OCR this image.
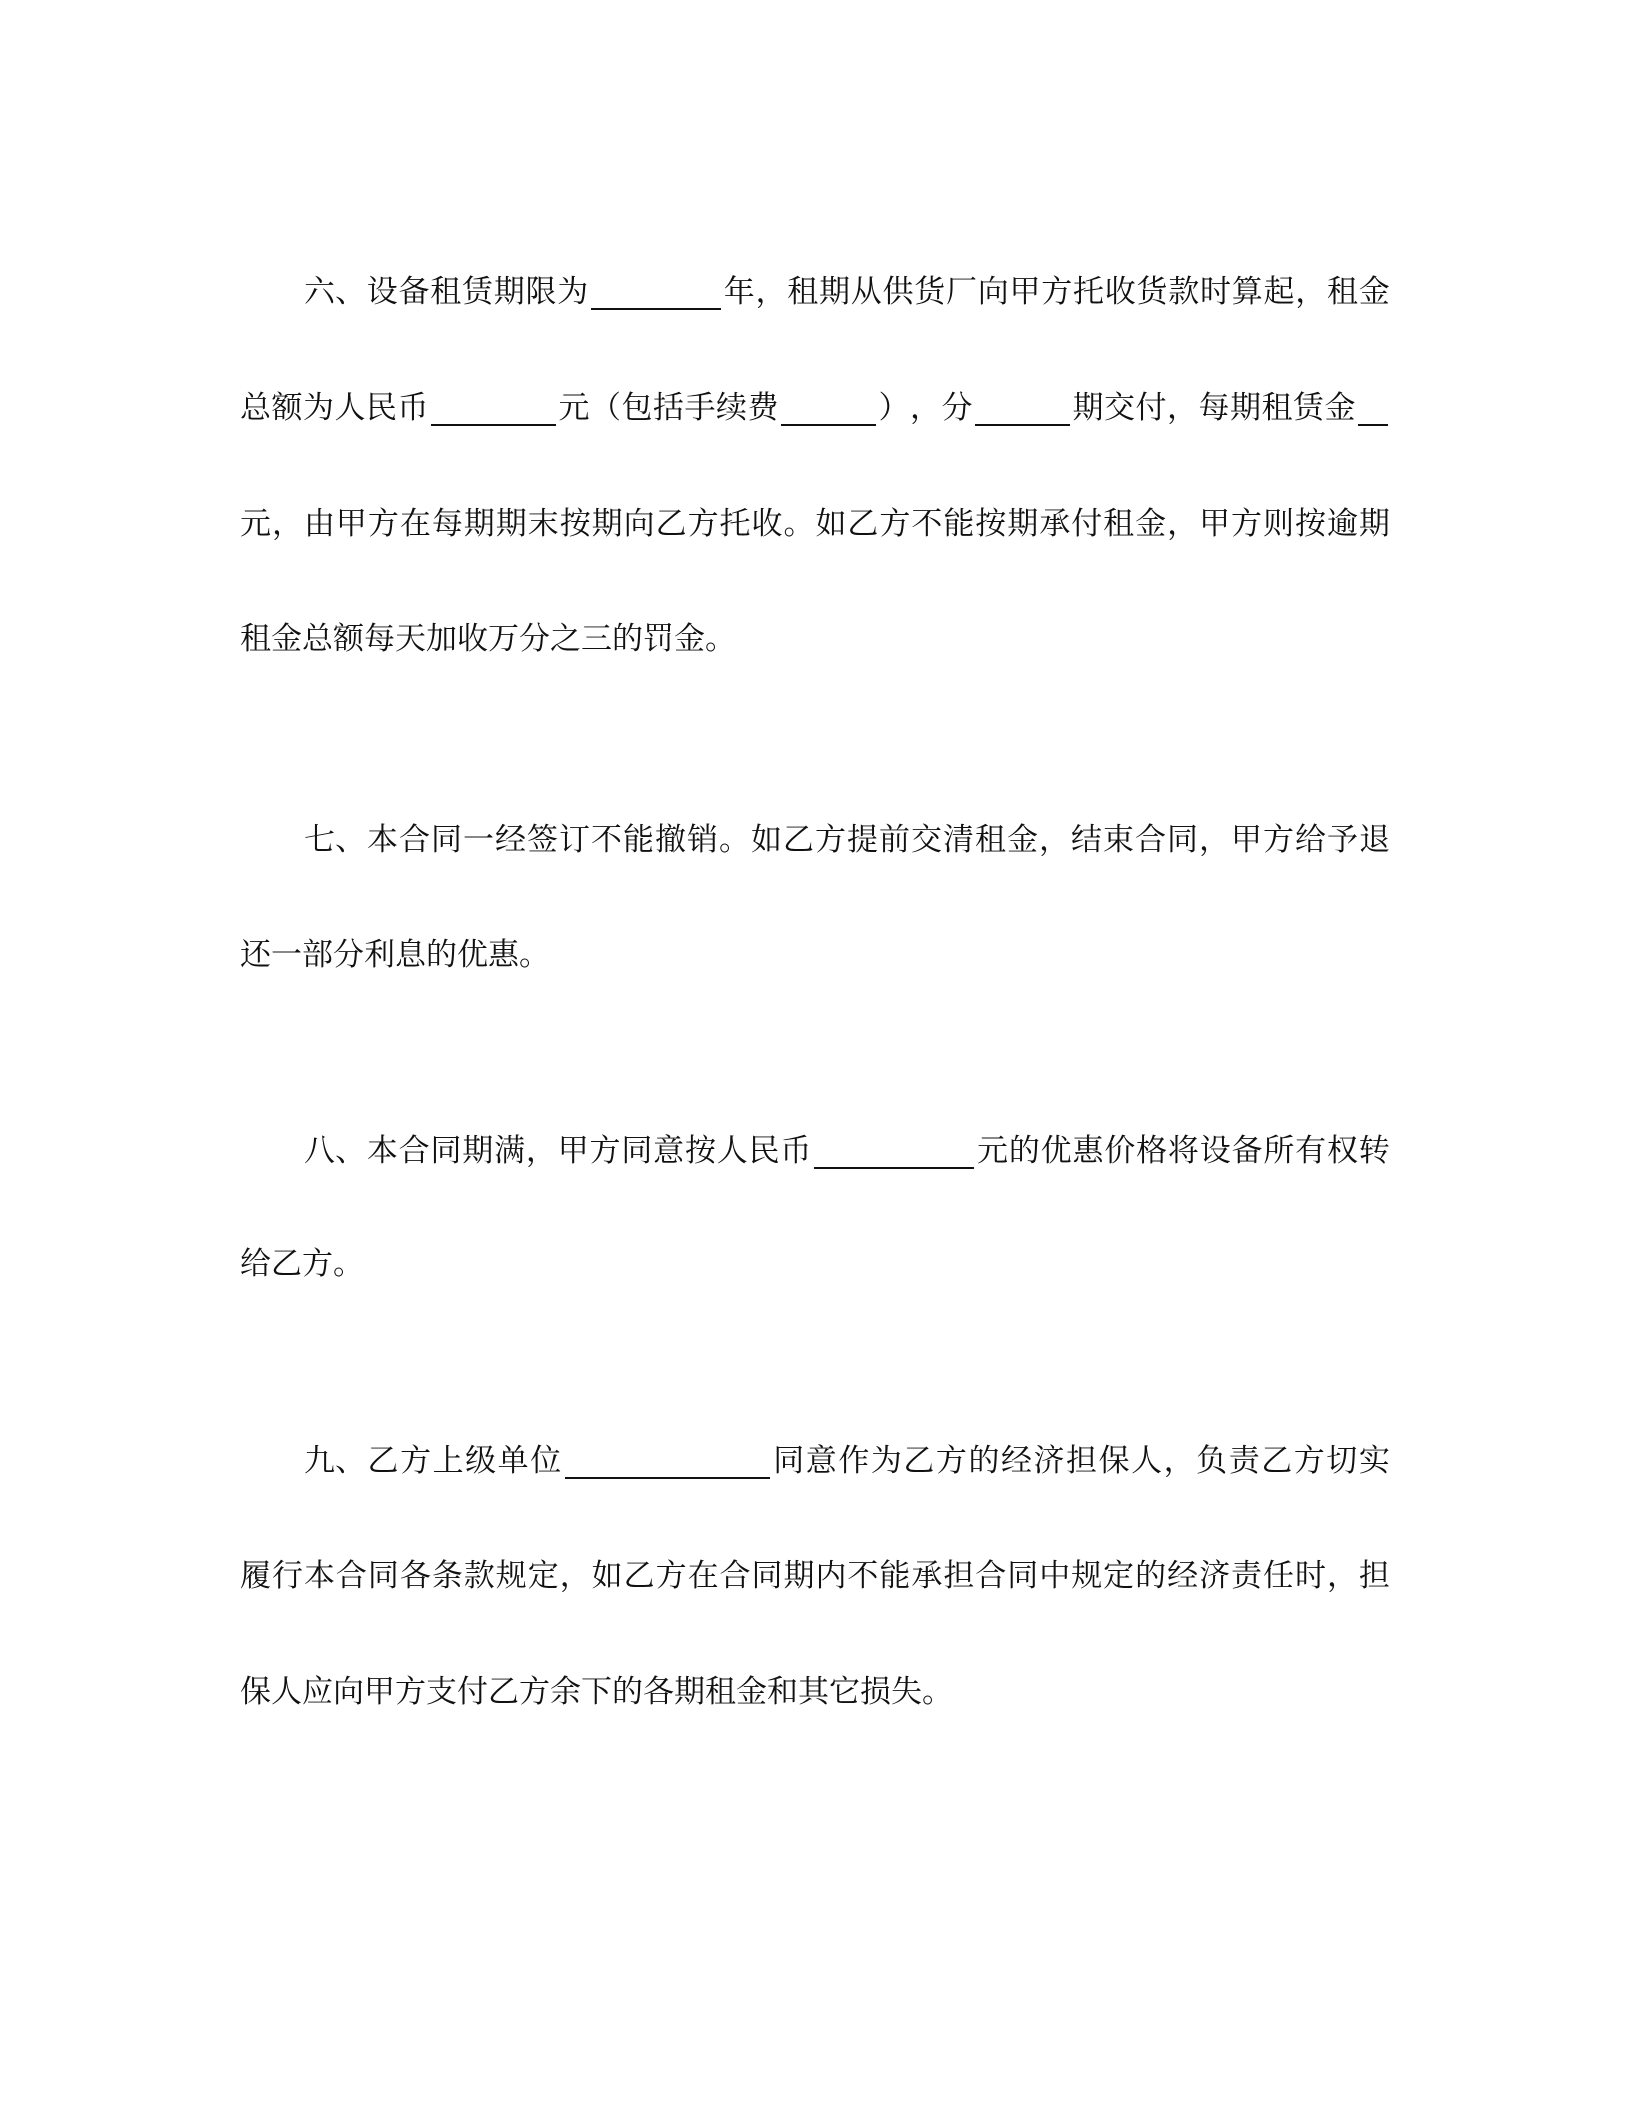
六、 设 备 租 赁 期 限 为	年 ， 租 期 从 供 货 厂 向 甲 方 托 收 货 款 时 算 起 ， 租 金
总 额 为 人 民 币	元 （ 包 括 手 续 费	） ， 分	期 交 付 ， 每 期 租 赁 金
元 ， 由 甲 方 在 每 期 期 末 按 期 向 乙 方 托 收 。 如 乙 方 不 能 按 期 承 付 租 金 ， 甲 方 则 按 逾 期
租金总额每天加收万分之三的罚金。
七、 本 合 同 一 经 签 订 不 能 撤 销 。 如 乙 方 提 前 交 清 租 金 ， 结 束 合 同 ， 甲 方 给 予 退
还一部分利息的优惠。
八、 本 合 同 期 满 ， 甲 方 同 意 按 人 民 币	元 的 优 惠 价 格 将 设 备 所 有 权 转
给乙方。
九、 乙 方 上 级 单 位	同 意 作 为 乙 方 的 经 济 担 保 人 ， 负 责 乙 方 切 实
履 行 本 合 同 各 条 款 规 定 ， 如 乙 方 在 合 同 期 内 不 能 承 担 合 同 中 规 定 的 经 济 责 任 时 ， 担
保人应向甲方支付乙方余下的各期租金和其它损失。
